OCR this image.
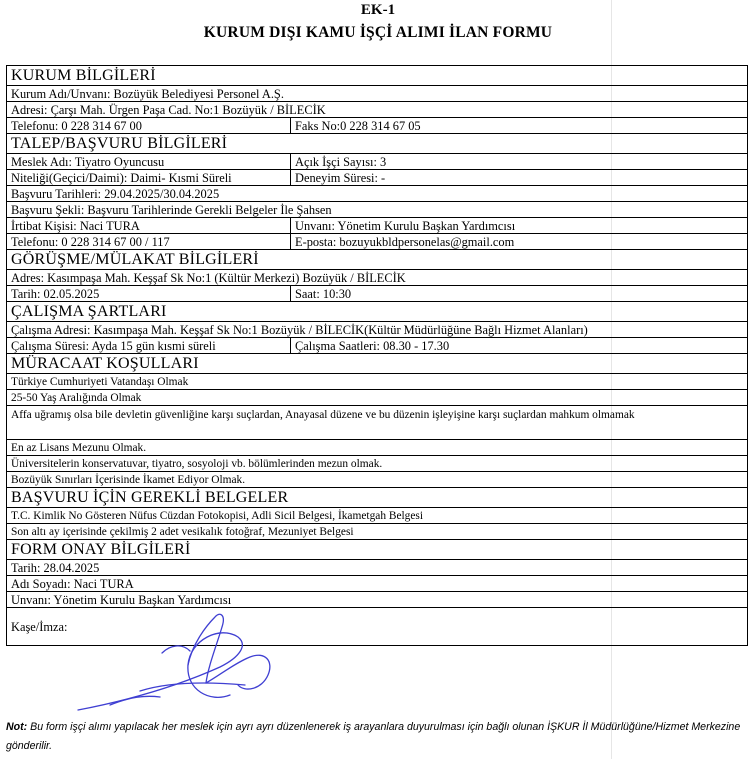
EK-1
KURUM DIŞI KAMU İŞÇİ ALIMI İLAN FORMU
KURUM BİLGİLERİ	
Kurum Adı/Unvanı: Bozüyük Belediyesi Personel A.Ş.	
Adresi: Çarşı Mah. Ürgen Paşa Cad. No:1 Bozüyük / BİLECİK	
Telefonu: 0 228 314 67 00	Faks No:0 228 314 67 05
TALEP/BAŞVURU BİLGİLERİ	
Meslek Adı: Tiyatro Oyuncusu	Açık İşçi Sayısı: 3
Niteliği(Geçici/Daimi): Daimi- Kısmi Süreli	Deneyim Süresi: -
Başvuru Tarihleri: 29.04.2025/30.04.2025	
Başvuru Şekli: Başvuru Tarihlerinde Gerekli Belgeler İle Şahsen	
İrtibat Kişisi: Naci TURA	Unvanı: Yönetim Kurulu Başkan Yardımcısı
Telefonu: 0 228 314 67 00 / 117	E-posta: bozuyukbldpersonelas@gmail.com
GÖRÜŞME/MÜLAKAT BİLGİLERİ	
Adres: Kasımpaşa Mah. Keşşaf Sk No:1 (Kültür Merkezi) Bozüyük / BİLECİK	
Tarih: 02.05.2025	Saat: 10:30
ÇALIŞMA ŞARTLARI	
Çalışma Adresi: Kasımpaşa Mah. Keşşaf Sk No:1 Bozüyük / BİLECİK(Kültür Müdürlüğüne Bağlı Hizmet Alanları)	
Çalışma Süresi: Ayda 15 gün kısmi süreli	Çalışma Saatleri: 08.30 - 17.30
MÜRACAAT KOŞULLARI	
Türkiye Cumhuriyeti Vatandaşı Olmak	
25-50 Yaş Aralığında Olmak	
Affa uğramış olsa bile devletin güvenliğine karşı suçlardan, Anayasal düzene ve bu düzenin işleyişine karşı suçlardan mahkum olmamak	
En az Lisans Mezunu Olmak.	
Üniversitelerin konservatuvar, tiyatro, sosyoloji vb. bölümlerinden mezun olmak.	
Bozüyük Sınırları İçerisinde İkamet Ediyor Olmak.	
BAŞVURU İÇİN GEREKLİ BELGELER	
T.C. Kimlik No Gösteren Nüfus Cüzdan Fotokopisi, Adli Sicil Belgesi, İkametgah Belgesi	
Son altı ay içerisinde çekilmiş 2 adet vesikalık fotoğraf, Mezuniyet Belgesi	
FORM ONAY BİLGİLERİ	
Tarih: 28.04.2025	
Adı Soyadı: Naci TURA	
Unvanı: Yönetim Kurulu Başkan Yardımcısı	
Kaşe/İmza:	
Not: Bu form işçi alımı yapılacak her meslek için ayrı ayrı düzenlenerek iş arayanlara duyurulması için bağlı olunan İŞKUR İl Müdürlüğüne/Hizmet Merkezine gönderilir.
